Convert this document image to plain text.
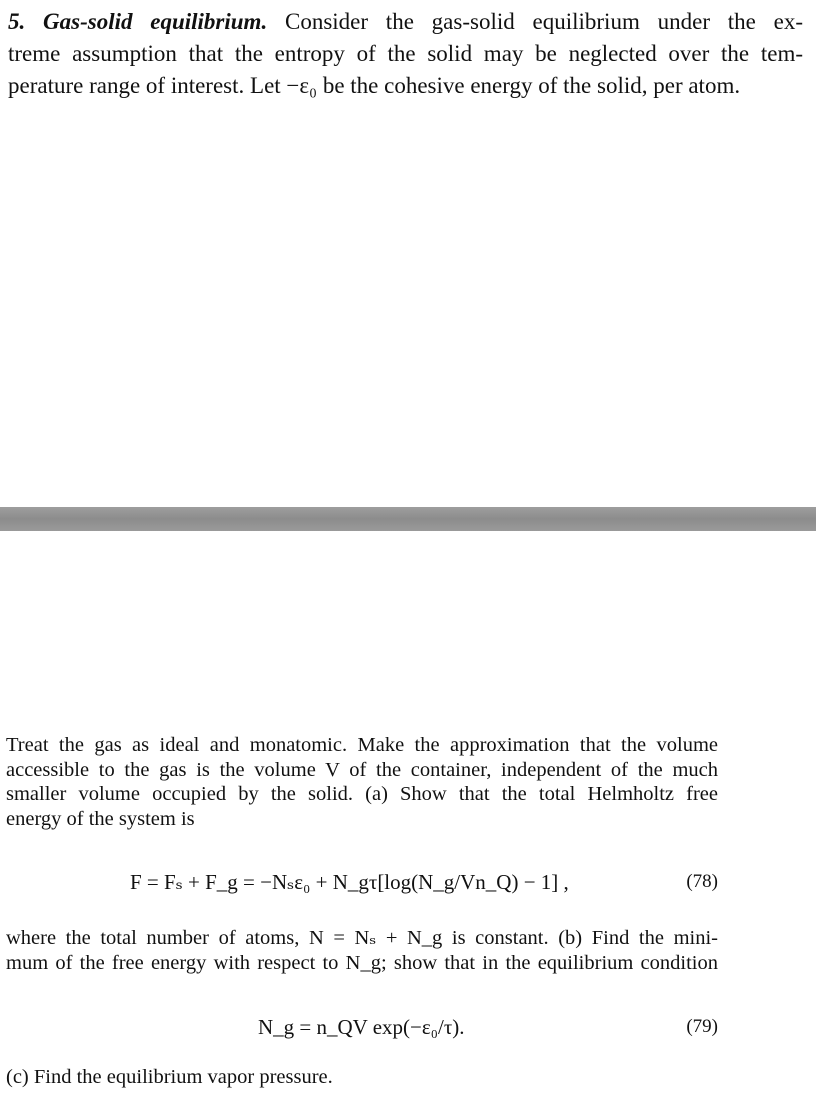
5. Gas-solid equilibrium. Consider the gas-solid equilibrium under the ex-
treme assumption that the entropy of the solid may be neglected over the tem-
perature range of interest. Let −ε₀ be the cohesive energy of the solid, per atom.
Treat the gas as ideal and monatomic. Make the approximation that the volume
accessible to the gas is the volume V of the container, independent of the much
smaller volume occupied by the solid. (a) Show that the total Helmholtz free
energy of the system is
F = Fₛ + F_g = −Nₛε₀ + N_gτ[log(N_g/Vn_Q) − 1] ,	(78)
where the total number of atoms, N = Nₛ + N_g is constant. (b) Find the mini-
mum of the free energy with respect to N_g; show that in the equilibrium condition
N_g = n_QV exp(−ε₀/τ).	(79)
(c) Find the equilibrium vapor pressure.
